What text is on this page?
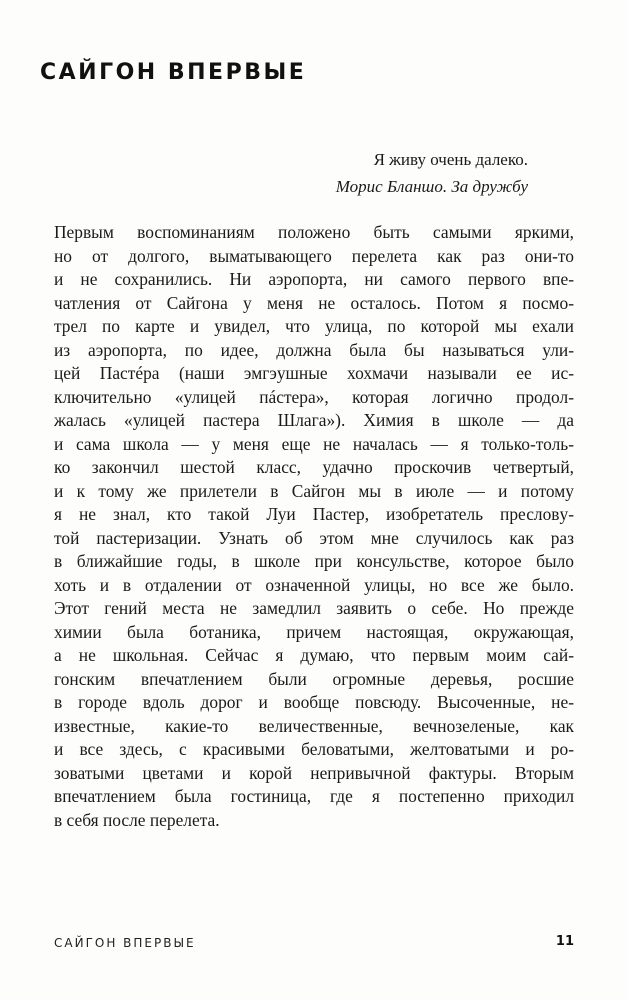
САЙГОН ВПЕРВЫЕ
Я живу очень далеко.
Морис Бланшо. За дружбу
Первым воспоминаниям положено быть самыми яркими,
но от долгого, выматывающего перелета как раз они-то
и не сохранились. Ни аэропорта, ни самого первого впе-
чатления от Сайгона у меня не осталось. Потом я посмо-
трел по карте и увидел, что улица, по которой мы ехали
из аэропорта, по идее, должна была бы называться ули-
цей Пастéра (наши эмгэушные хохмачи называли ее ис-
ключительно «улицей пáстера», которая логично продол-
жалась «улицей пастера Шлага»). Химия в школе — да
и сама школа — у меня еще не началась — я только-толь-
ко закончил шестой класс, удачно проскочив четвертый,
и к тому же прилетели в Сайгон мы в июле — и потому
я не знал, кто такой Луи Пастер, изобретатель пресловy-
той пастеризации. Узнать об этом мне случилось как раз
в ближайшие годы, в школе при консульстве, которое было
хоть и в отдалении от означенной улицы, но все же было.
Этот гений места не замедлил заявить о себе. Но прежде
химии была ботаника, причем настоящая, окружающая,
а не школьная. Сейчас я думаю, что первым моим сай-
гонским впечатлением были огромные деревья, росшие
в городе вдоль дорог и вообще повсюду. Высоченные, не-
известные, какие-то величественные, вечнозеленые, как
и все здесь, с красивыми беловатыми, желтоватыми и ро-
зоватыми цветами и корой непривычной фактуры. Вторым
впечатлением была гостиница, где я постепенно приходил
в себя после перелета.
САЙГОН ВПЕРВЫЕ	11
